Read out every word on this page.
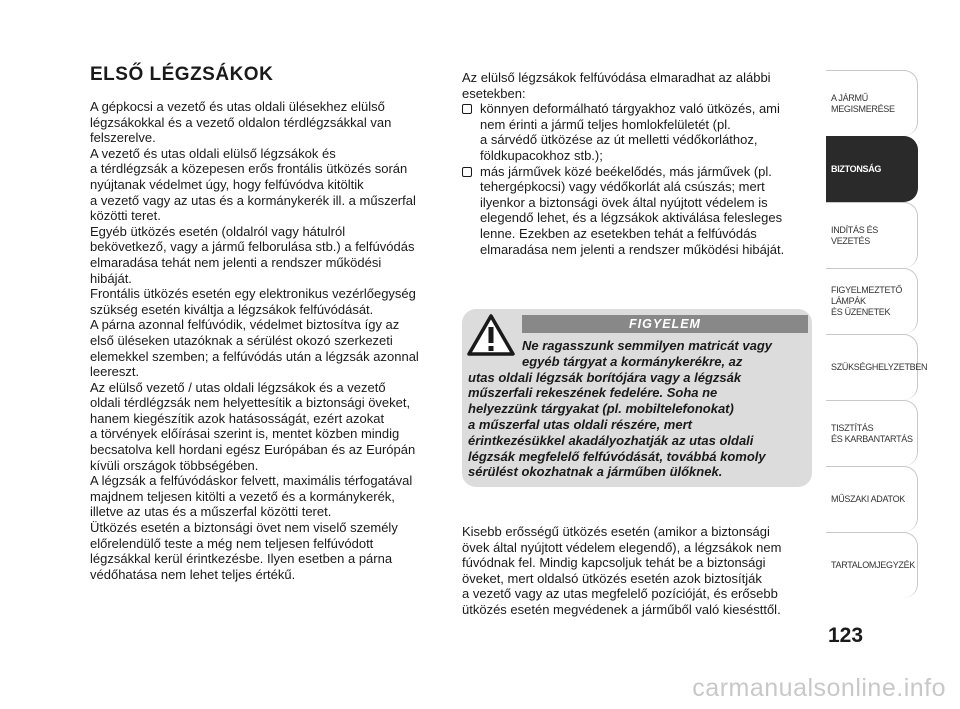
ELSŐ LÉGZSÁKOK
A gépkocsi a vezető és utas oldali ülésekhez elülső
légzsákokkal és a vezető oldalon térdlégzsákkal van
felszerelve.
A vezető és utas oldali elülső légzsákok és
a térdlégzsák a közepesen erős frontális ütközés során
nyújtanak védelmet úgy, hogy felfúvódva kitöltik
a vezető vagy az utas és a kormánykerék ill. a műszerfal
közötti teret.
Egyéb ütközés esetén (oldalról vagy hátulról
bekövetkező, vagy a jármű felborulása stb.) a felfúvódás
elmaradása tehát nem jelenti a rendszer működési
hibáját.
Frontális ütközés esetén egy elektronikus vezérlőegység
szükség esetén kiváltja a légzsákok felfúvódását.
A párna azonnal felfúvódik, védelmet biztosítva így az
első üléseken utazóknak a sérülést okozó szerkezeti
elemekkel szemben; a felfúvódás után a légzsák azonnal
leereszt.
Az elülső vezető / utas oldali légzsákok és a vezető
oldali térdlégzsák nem helyettesítik a biztonsági öveket,
hanem kiegészítik azok hatásosságát, ezért azokat
a törvények előírásai szerint is, mentet közben mindig
becsatolva kell hordani egész Európában és az Európán
kívüli országok többségében.
A légzsák a felfúvódáskor felvett, maximális térfogatával
majdnem teljesen kitölti a vezető és a kormánykerék,
illetve az utas és a műszerfal közötti teret.
Ütközés esetén a biztonsági övet nem viselő személy
előrelendülő teste a még nem teljesen felfúvódott
légzsákkal kerül érintkezésbe. Ilyen esetben a párna
védőhatása nem lehet teljes értékű.
Az elülső légzsákok felfúvódása elmaradhat az alábbi
esetekben:
könnyen deformálható tárgyakhoz való ütközés, ami
nem érinti a jármű teljes homlokfelületét (pl.
a sárvédő ütközése az út melletti védőkorláthoz,
földkupacokhoz stb.);
más járművek közé beékelődés, más járművek (pl.
tehergépkocsi) vagy védőkorlát alá csúszás; mert
ilyenkor a biztonsági övek által nyújtott védelem is
elegendő lehet, és a légzsákok aktiválása felesleges
lenne. Ezekben az esetekben tehát a felfúvódás
elmaradása nem jelenti a rendszer működési hibáját.
FIGYELEM
Ne ragasszunk semmilyen matricát vagy
egyéb tárgyat a kormánykerékre, az
utas oldali légzsák borítójára vagy a légzsák
műszerfali rekeszének fedelére. Soha ne
helyezzünk tárgyakat (pl. mobiltelefonokat)
a műszerfal utas oldali részére, mert
érintkezésükkel akadályozhatják az utas oldali
légzsák megfelelő felfúvódását, továbbá komoly
sérülést okozhatnak a járműben ülőknek.
Kisebb erősségű ütközés esetén (amikor a biztonsági
övek által nyújtott védelem elegendő), a légzsákok nem
fúvódnak fel. Mindig kapcsoljuk tehát be a biztonsági
öveket, mert oldalsó ütközés esetén azok biztosítják
a vezető vagy az utas megfelelő pozícióját, és erősebb
ütközés esetén megvédenek a járműből való kiesésttől.
A JÁRMŰ
MEGISMERÉSE
BIZTONSÁG
INDÍTÁS ÉS VEZETÉS
FIGYELMEZTETŐ
LÁMPÁK
ÉS ÜZENETEK
SZÜKSÉGHELYZETBEN
TISZTÍTÁS
ÉS KARBANTARTÁS
MŰSZAKI ADATOK
TARTALOMJEGYZÉK
123
carmanualsonline.info
